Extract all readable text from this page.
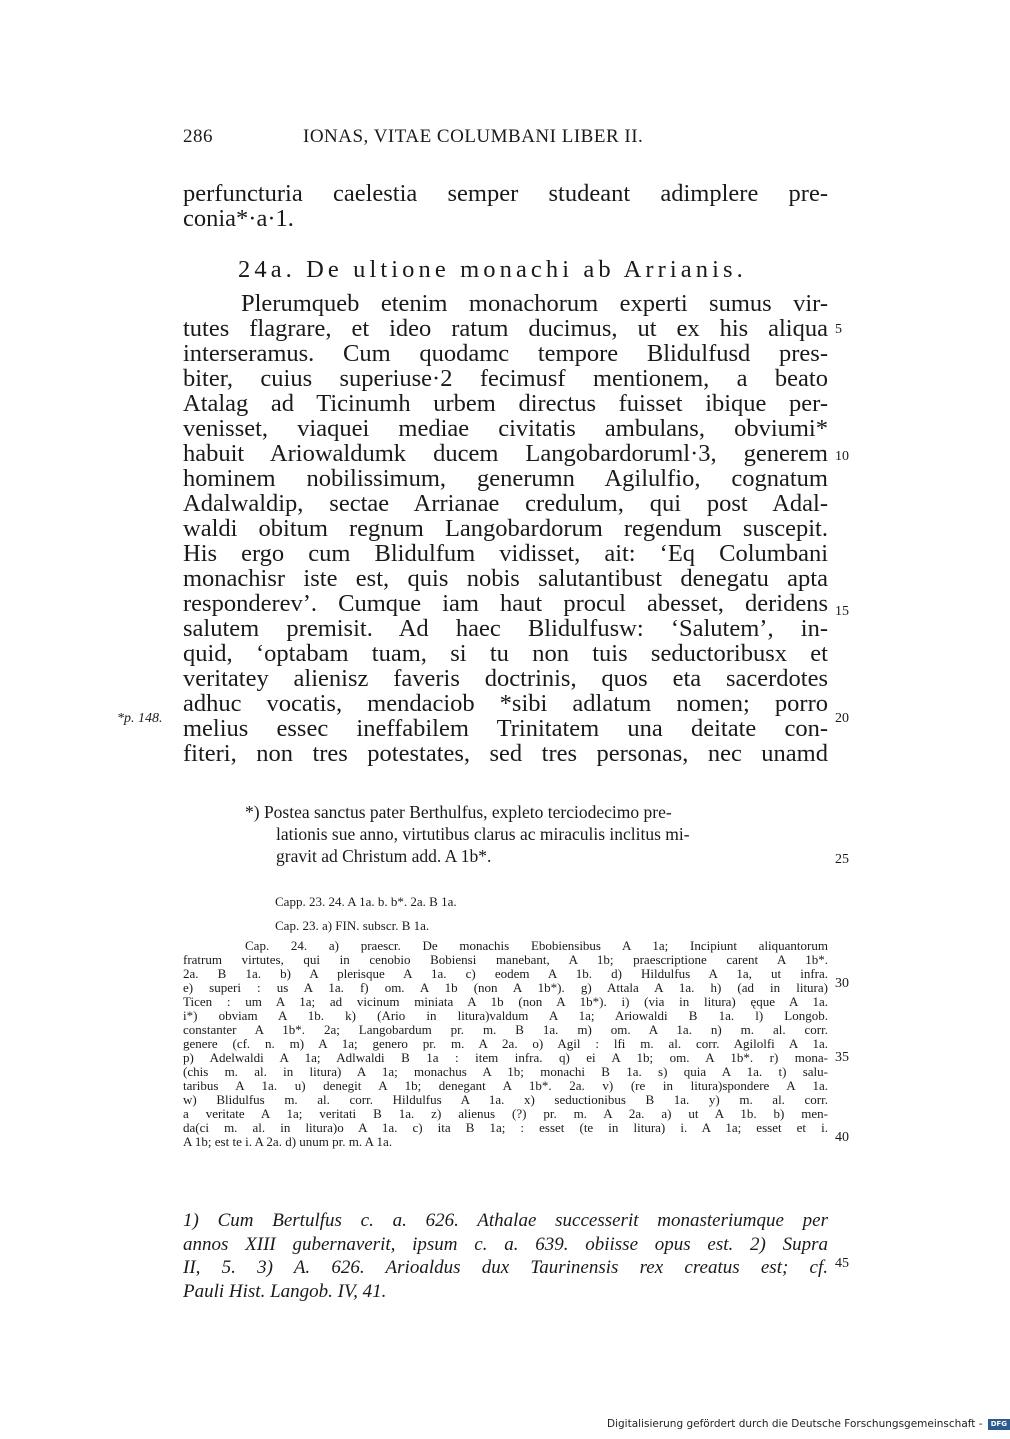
286	IONAS, VITAE COLUMBANI LIBER II.
perfuncturia caelestia semper studeant adimplere pre-
conia*·a·1.
24a. De ultione monachi ab Arrianis.
Plerumqueb etenim monachorum experti sumus vir-
tutes flagrare, et ideo ratum ducimus, ut ex his aliqua
interseramus. Cum quodamc tempore Blidulfusd pres-
biter, cuius superiuse·2 fecimusf mentionem, a beato
Atalag ad Ticinumh urbem directus fuisset ibique per-
venisset, viaquei mediae civitatis ambulans, obviumi*
habuit Ariowaldumk ducem Langobardoruml·3, generem
hominem nobilissimum, generumn Agilulfio, cognatum
Adalwaldip, sectae Arrianae credulum, qui post Adal-
waldi obitum regnum Langobardorum regendum suscepit.
His ergo cum Blidulfum vidisset, ait: ‘Eq Columbani
monachisr iste est, quis nobis salutantibust denegatu apta
responderev’. Cumque iam haut procul abesset, deridens
salutem premisit. Ad haec Blidulfusw: ‘Salutem’, in-
quid, ‘optabam tuam, si tu non tuis seductoribusx et
veritatey alienisz faveris doctrinis, quos eta sacerdotes
adhuc vocatis, mendaciob *sibi adlatum nomen; porro
melius essec ineffabilem Trinitatem una deitate con-
fiteri, non tres potestates, sed tres personas, nec unamd
*p. 148.
5
10
15
20
25
30
35
40
45
*) Postea sanctus pater Berthulfus, expleto terciodecimo pre-
lationis sue anno, virtutibus clarus ac miraculis inclitus mi-
gravit ad Christum add. A 1b*.
Capp. 23. 24. A 1a. b. b*. 2a. B 1a.
Cap. 23. a) FIN. subscr. B 1a.
Cap. 24. a) praescr. De monachis Ebobiensibus A 1a; Incipiunt aliquantorum
fratrum virtutes, qui in cenobio Bobiensi manebant, A 1b; praescriptione carent A 1b*.
2a. B 1a. b) A plerisque A 1a. c) eodem A 1b. d) Hildulfus A 1a, ut infra.
e) superi : us A 1a. f) om. A 1b (non A 1b*). g) Attala A 1a. h) (ad in litura)
Ticen : um A 1a; ad vicinum miniata A 1b (non A 1b*). i) (via in litura) ęque A 1a.
i*) obviam A 1b. k) (Ario in litura)valdum A 1a; Ariowaldi B 1a. l) Longob.
constanter A 1b*. 2a; Langobardum pr. m. B 1a. m) om. A 1a. n) m. al. corr.
genere (cf. n. m) A 1a; genero pr. m. A 2a. o) Agil : lfi m. al. corr. Agilolfi A 1a.
p) Adelwaldi A 1a; Adlwaldi B 1a : item infra. q) ei A 1b; om. A 1b*. r) mona-
(chis m. al. in litura) A 1a; monachus A 1b; monachi B 1a. s) quia A 1a. t) salu-
taribus A 1a. u) denegit A 1b; denegant A 1b*. 2a. v) (re in litura)spondere A 1a.
w) Blidulfus m. al. corr. Hildulfus A 1a. x) seductionibus B 1a. y) m. al. corr.
a veritate A 1a; veritati B 1a. z) alienus (?) pr. m. A 2a. a) ut A 1b. b) men-
da(ci m. al. in litura)o A 1a. c) ita B 1a; : esset (te in litura) i. A 1a; esset et i.
A 1b; est te i. A 2a. d) unum pr. m. A 1a.
1) Cum Bertulfus c. a. 626. Athalae successerit monasteriumque per
annos XIII gubernaverit, ipsum c. a. 639. obiisse opus est. 2) Supra
II, 5. 3) A. 626. Arioaldus dux Taurinensis rex creatus est; cf.
Pauli Hist. Langob. IV, 41.
Digitalisierung gefördert durch die Deutsche Forschungsgemeinschaft - DFG
